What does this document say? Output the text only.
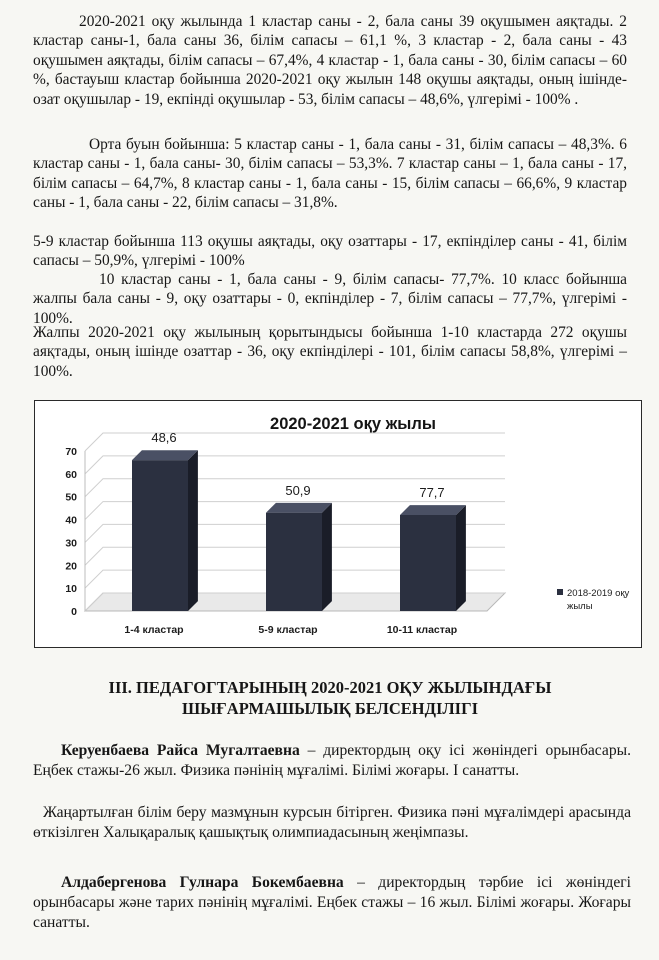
2020-2021 оқу жылында 1 кластар саны - 2, бала саны 39 оқушымен аяқтады. 2 кластар саны-1, бала саны 36, білім сапасы – 61,1 %, 3 кластар - 2, бала саны - 43 оқушымен аяқтады, білім сапасы – 67,4%, 4 кластар - 1, бала саны - 30, білім сапасы – 60 %, бастауыш кластар бойынша 2020-2021 оқу жылын 148 оқушы аяқтады, оның ішінде- озат оқушылар - 19, екпінді оқушылар - 53, білім сапасы – 48,6%, үлгерімі - 100% .

Орта буын бойынша: 5 кластар саны - 1, бала саны - 31, білім сапасы – 48,3%. 6 кластар саны - 1, бала саны- 30, білім сапасы – 53,3%. 7 кластар саны – 1, бала саны - 17, білім сапасы – 64,7%, 8 кластар саны - 1, бала саны - 15, білім сапасы – 66,6%, 9 кластар саны - 1, бала саны - 22, білім сапасы – 31,8%.

5-9 кластар бойынша 113 оқушы аяқтады, оқу озаттары - 17, екпінділер саны - 41, білім сапасы – 50,9%, үлгерімі - 100%

10 кластар саны - 1, бала саны - 9, білім сапасы- 77,7%. 10 класс бойынша жалпы бала саны - 9, оқу озаттары - 0, екпінділер - 7, білім сапасы – 77,7%, үлгерімі - 100%.

Жалпы 2020-2021 оқу жылының қорытындысы бойынша 1-10 кластарда 272 оқушы аяқтады, оның ішінде озаттар - 36, оқу екпінділері - 101, білім сапасы 58,8%, үлгерімі – 100%.

0
10
20
30
40
50
60
70
48,6
1-4 кластар
50,9
5-9 кластар
77,7
10-11 кластар
2020-2021 оқу жылы
2018-2019 оқу
жылы
ІІІ. ПЕДАГОГТАРЫНЫҢ 2020-2021 ОҚУ ЖЫЛЫНДАҒЫ
ШЫҒАРМАШЫЛЫҚ БЕЛСЕНДІЛІГІ

Керуенбаева Райса Мугалтаевна – директордың оқу ісі жөніндегі орынбасары. Еңбек стажы-26 жыл. Физика пәнінің мұғалімі. Білімі жоғары. I санатты.

Жаңартылған білім беру мазмұнын курсын бітірген. Физика пәні мұғалімдері арасында өткізілген Халықаралық қашықтық олимпиадасының жеңімпазы.

Алдабергенова Гулнара Бокембаевна – директордың тәрбие ісі жөніндегі орынбасары және тарих пәнінің мұғалімі. Еңбек стажы – 16 жыл. Білімі жоғары. Жоғары санатты.
